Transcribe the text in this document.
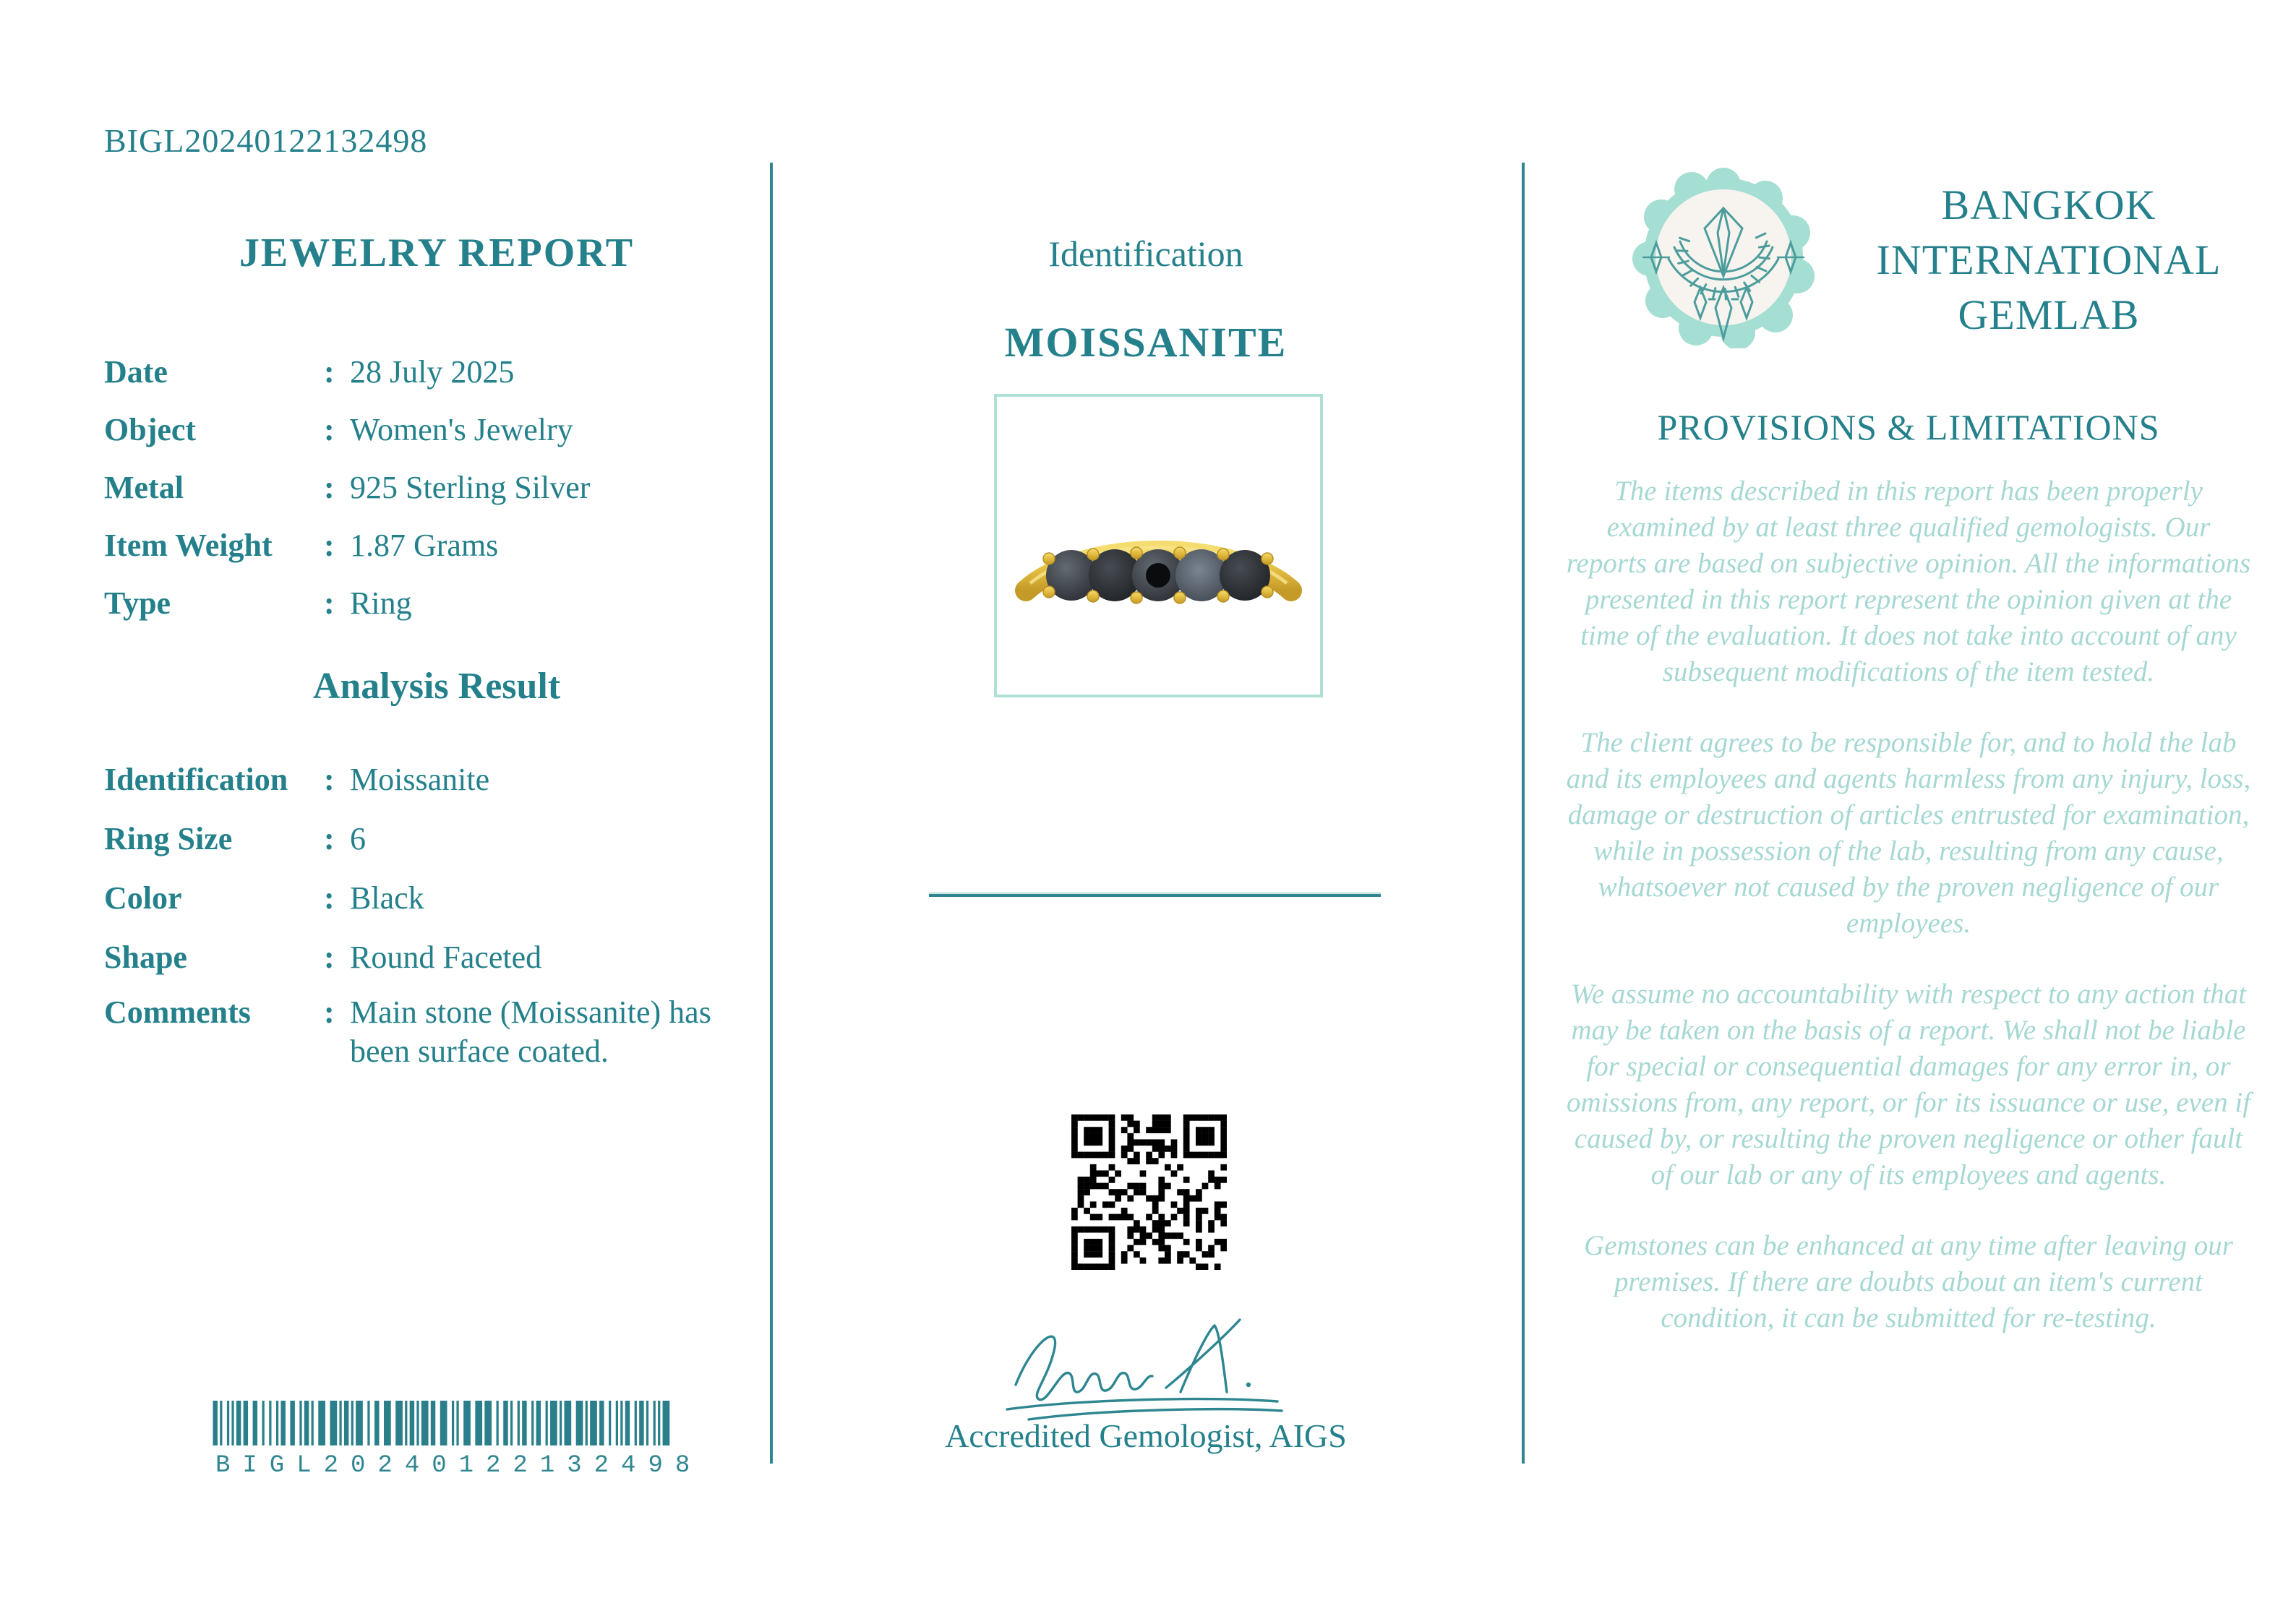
BIGL20240122132498
JEWELRY REPORT
Date	: 28 July 2025
Object	: Women's Jewelry
Metal	: 925 Sterling Silver
Item Weight	: 1.87 Grams
Type	: Ring
Analysis Result
Identification	: Moissanite
Ring Size	: 6
Color	: Black
Shape	: Round Faceted
Comments	: Main stone (Moissanite) has been surface coated.
BIGL20240122132498
Identification
MOISSANITE
Accredited Gemologist, AIGS
BANGKOK
INTERNATIONAL
GEMLAB
PROVISIONS & LIMITATIONS

The items described in this report has been properly examined by at least three qualified gemologists. Our reports are based on subjective opinion. All the informations presented in this report represent the opinion given at the time of the evaluation. It does not take into account of any subsequent modifications of the item tested.

The client agrees to be responsible for, and to hold the lab and its employees and agents harmless from any injury, loss, damage or destruction of articles entrusted for examination, while in possession of the lab, resulting from any cause, whatsoever not caused by the proven negligence of our employees.

We assume no accountability with respect to any action that may be taken on the basis of a report. We shall not be liable for special or consequential damages for any error in, or omissions from, any report, or for its issuance or use, even if caused by, or resulting the proven negligence or other fault of our lab or any of its employees and agents.

Gemstones can be enhanced at any time after leaving our premises. If there are doubts about an item's current condition, it can be submitted for re-testing.
